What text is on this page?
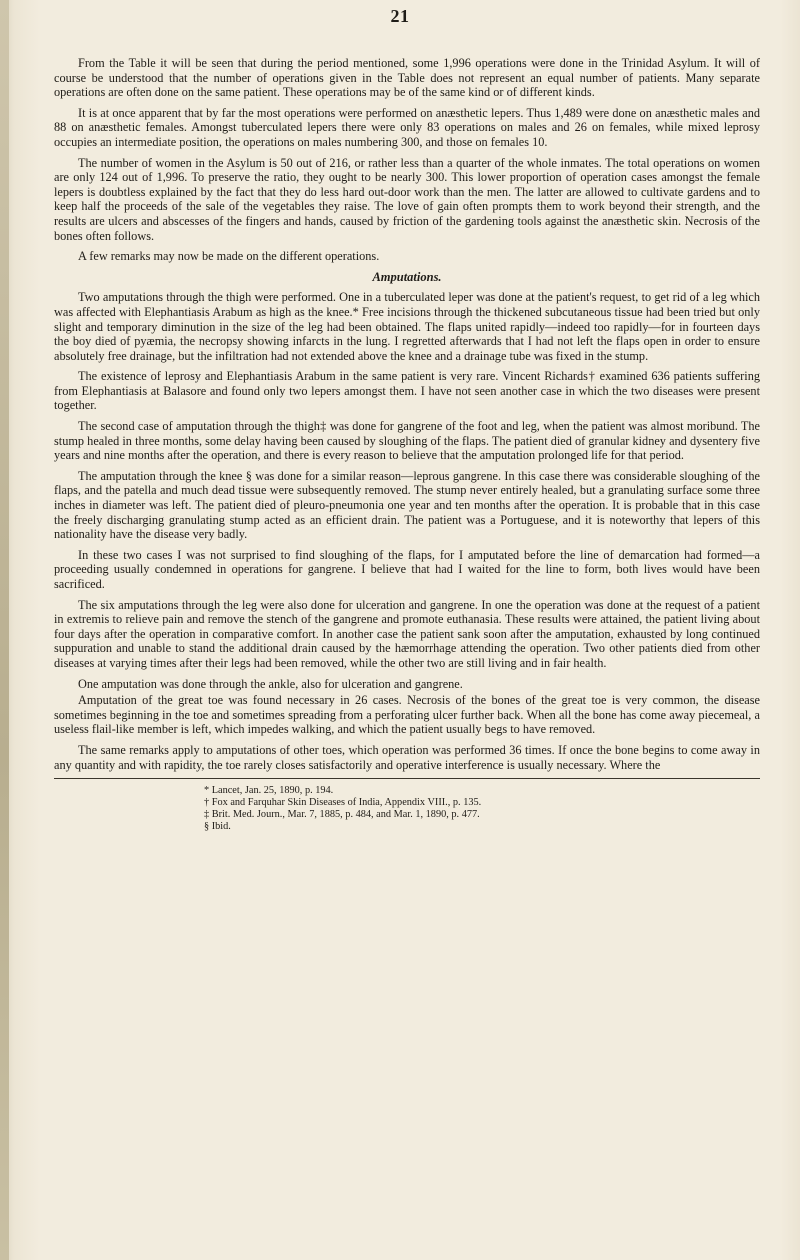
21

From the Table it will be seen that during the period mentioned, some 1,996 operations were done in the Trinidad Asylum. It will of course be understood that the number of operations given in the Table does not represent an equal number of patients. Many separate operations are often done on the same patient. These operations may be of the same kind or of different kinds.

It is at once apparent that by far the most operations were performed on anæsthetic lepers. Thus 1,489 were done on anæsthetic males and 88 on anæsthetic females. Amongst tuberculated lepers there were only 83 operations on males and 26 on females, while mixed leprosy occupies an intermediate position, the operations on males numbering 300, and those on females 10.

The number of women in the Asylum is 50 out of 216, or rather less than a quarter of the whole inmates. The total operations on women are only 124 out of 1,996. To preserve the ratio, they ought to be nearly 300. This lower proportion of operation cases amongst the female lepers is doubtless explained by the fact that they do less hard out-door work than the men. The latter are allowed to cultivate gardens and to keep half the proceeds of the sale of the vegetables they raise. The love of gain often prompts them to work beyond their strength, and the results are ulcers and abscesses of the fingers and hands, caused by friction of the gardening tools against the anæsthetic skin. Necrosis of the bones often follows.

A few remarks may now be made on the different operations.

Amputations.

Two amputations through the thigh were performed. One in a tuberculated leper was done at the patient's request, to get rid of a leg which was affected with Elephantiasis Arabum as high as the knee.* Free incisions through the thickened subcutaneous tissue had been tried but only slight and temporary diminution in the size of the leg had been obtained. The flaps united rapidly—indeed too rapidly—for in fourteen days the boy died of pyæmia, the necropsy showing infarcts in the lung. I regretted afterwards that I had not left the flaps open in order to ensure absolutely free drainage, but the infiltration had not extended above the knee and a drainage tube was fixed in the stump.

The existence of leprosy and Elephantiasis Arabum in the same patient is very rare. Vincent Richards† examined 636 patients suffering from Elephantiasis at Balasore and found only two lepers amongst them. I have not seen another case in which the two diseases were present together.

The second case of amputation through the thigh‡ was done for gangrene of the foot and leg, when the patient was almost moribund. The stump healed in three months, some delay having been caused by sloughing of the flaps. The patient died of granular kidney and dysentery five years and nine months after the operation, and there is every reason to believe that the amputation prolonged life for that period.

The amputation through the knee § was done for a similar reason—leprous gangrene. In this case there was considerable sloughing of the flaps, and the patella and much dead tissue were subsequently removed. The stump never entirely healed, but a granulating surface some three inches in diameter was left. The patient died of pleuro-pneumonia one year and ten months after the operation. It is probable that in this case the freely discharging granulating stump acted as an efficient drain. The patient was a Portuguese, and it is noteworthy that lepers of this nationality have the disease very badly.

In these two cases I was not surprised to find sloughing of the flaps, for I amputated before the line of demarcation had formed—a proceeding usually condemned in operations for gangrene. I believe that had I waited for the line to form, both lives would have been sacrificed.

The six amputations through the leg were also done for ulceration and gangrene. In one the operation was done at the request of a patient in extremis to relieve pain and remove the stench of the gangrene and promote euthanasia. These results were attained, the patient living about four days after the operation in comparative comfort. In another case the patient sank soon after the amputation, exhausted by long continued suppuration and unable to stand the additional drain caused by the hæmorrhage attending the operation. Two other patients died from other diseases at varying times after their legs had been removed, while the other two are still living and in fair health.

One amputation was done through the ankle, also for ulceration and gangrene.

Amputation of the great toe was found necessary in 26 cases. Necrosis of the bones of the great toe is very common, the disease sometimes beginning in the toe and sometimes spreading from a perforating ulcer further back. When all the bone has come away piecemeal, a useless flail-like member is left, which impedes walking, and which the patient usually begs to have removed.

The same remarks apply to amputations of other toes, which operation was performed 36 times. If once the bone begins to come away in any quantity and with rapidity, the toe rarely closes satisfactorily and operative interference is usually necessary. Where the

* Lancet, Jan. 25, 1890, p. 194.
† Fox and Farquhar Skin Diseases of India, Appendix VIII., p. 135.
‡ Brit. Med. Journ., Mar. 7, 1885, p. 484, and Mar. 1, 1890, p. 477.
§ Ibid.
